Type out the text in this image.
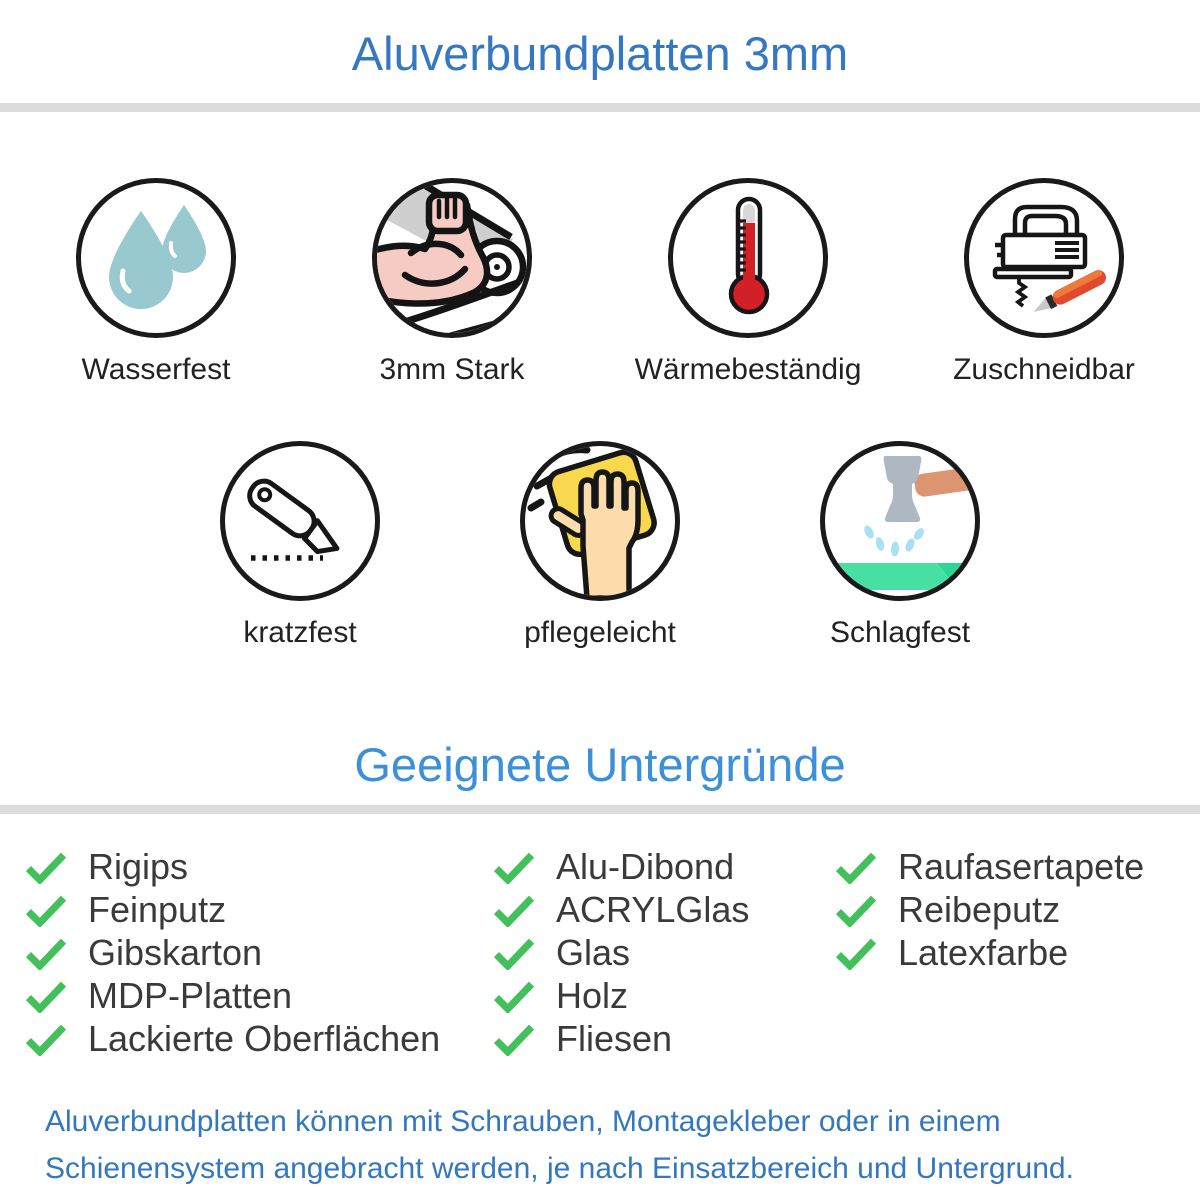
Aluverbundplatten 3mm
Wasserfest	3mm Stark	Wärmebeständig	Zuschneidbar
kratzfest	pflegeleicht	Schlagfest
Geeignete Untergründe
Rigips
Feinputz
Gibskarton
MDP-Platten
Lackierte Oberflächen
Alu-Dibond
ACRYLGlas
Glas
Holz
Fliesen
Raufasertapete
Reibeputz
Latexfarbe
Aluverbundplatten können mit Schrauben, Montagekleber oder in einem
Schienensystem angebracht werden, je nach Einsatzbereich und Untergrund.
